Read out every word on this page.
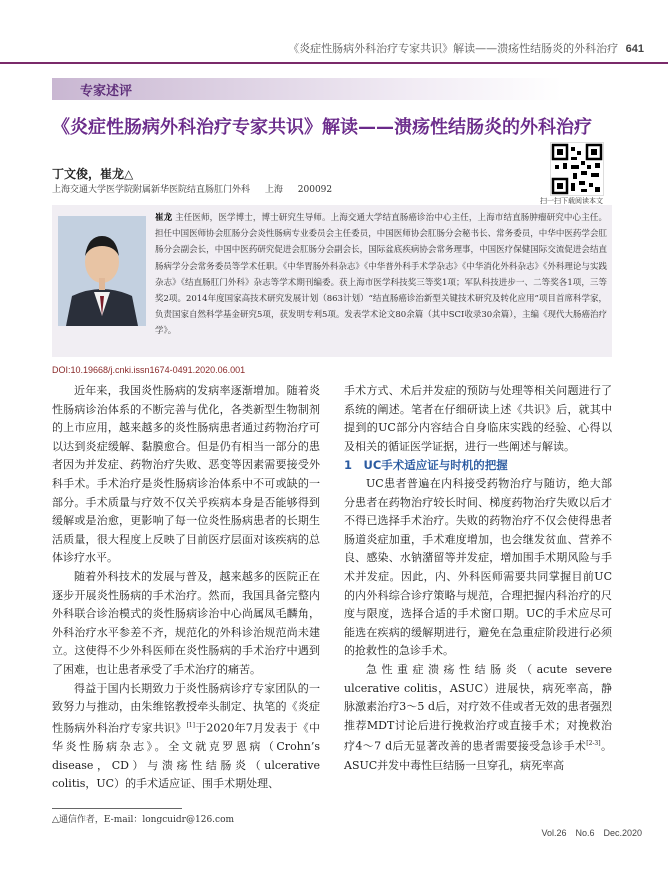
《炎症性肠病外科治疗专家共识》解读——溃疡性结肠炎的外科治疗 641
专家述评
《炎症性肠病外科治疗专家共识》解读——溃疡性结肠炎的外科治疗
丁文俊，崔龙△
上海交通大学医学院附属新华医院结直肠肛门外科 上海 200092
扫一扫下载阅读本文
崔龙 主任医师，医学博士，博士研究生导师。上海交通大学结直肠癌诊治中心主任，上海市结直肠肿瘤研究中心主任。担任中国医师协会肛肠分会炎性肠病专业委员会主任委员，中国医师协会肛肠分会秘书长、常务委员，中华中医药学会肛肠分会副会长，中国中医药研究促进会肛肠分会副会长，国际盆底疾病协会常务理事，中国医疗保健国际交流促进会结直肠病学分会常务委员等学术任职。《中华胃肠外科杂志》《中华普外科手术学杂志》《中华消化外科杂志》《外科理论与实践杂志》《结直肠肛门外科》杂志等学术期刊编委。获上海市医学科技奖三等奖1项；军队科技进步一、二等奖各1项，三等奖2项。2014年度国家高技术研究发展计划（863计划）“结直肠癌诊治新型关键技术研究及转化应用”项目首席科学家，负责国家自然科学基金研究5项，获发明专利5项。发表学术论文80余篇（其中SCI收录30余篇），主编《现代大肠癌治疗学》。
DOI:10.19668/j.cnki.issn1674-0491.2020.06.001

近年来，我国炎性肠病的发病率逐渐增加。随着炎性肠病诊治体系的不断完善与优化，各类新型生物制剂的上市应用，越来越多的炎性肠病患者通过药物治疗可以达到炎症缓解、黏膜愈合。但是仍有相当一部分的患者因为并发症、药物治疗失败、恶变等因素需要接受外科手术。手术治疗是炎性肠病诊治体系中不可或缺的一部分。手术质量与疗效不仅关乎疾病本身是否能够得到缓解或是治愈，更影响了每一位炎性肠病患者的长期生活质量，很大程度上反映了目前医疗层面对该疾病的总体诊疗水平。

随着外科技术的发展与普及，越来越多的医院正在逐步开展炎性肠病的手术治疗。然而，我国具备完整内外科联合诊治模式的炎性肠病诊治中心尚属凤毛麟角，外科治疗水平参差不齐，规范化的外科诊治规范尚未建立。这使得不少外科医师在炎性肠病的手术治疗中遇到了困难，也让患者承受了手术治疗的痛苦。

得益于国内长期致力于炎性肠病诊疗专家团队的一致努力与推动，由朱维铭教授牵头制定、执笔的《炎症性肠病外科治疗专家共识》[1]于2020年7月发表于《中华炎性肠病杂志》。全文就克罗恩病（Crohn’s disease，CD）与溃疡性结肠炎（ulcerative colitis，UC）的手术适应证、围手术期处理、

手术方式、术后并发症的预防与处理等相关问题进行了系统的阐述。笔者在仔细研读上述《共识》后，就其中提到的UC部分内容结合自身临床实践的经验、心得以及相关的循证医学证据，进行一些阐述与解读。

1　UC手术适应证与时机的把握

UC患者普遍在内科接受药物治疗与随访，绝大部分患者在药物治疗较长时间、梯度药物治疗失败以后才不得已选择手术治疗。失败的药物治疗不仅会使得患者肠道炎症加重，手术难度增加，也会继发贫血、营养不良、感染、水钠潴留等并发症，增加围手术期风险与手术并发症。因此，内、外科医师需要共同掌握目前UC的内外科综合诊疗策略与规范，合理把握内科治疗的尺度与限度，选择合适的手术窗口期。UC的手术应尽可能选在疾病的缓解期进行，避免在急重症阶段进行必须的抢救性的急诊手术。

急性重症溃疡性结肠炎（acute severe ulcerative colitis，ASUC）进展快，病死率高，静脉激素治疗3～5 d后，对疗效不佳或者无效的患者强烈推荐MDT讨论后进行挽救治疗或直接手术；对挽救治疗4～7 d后无显著改善的患者需要接受急诊手术[2-3]。ASUC并发中毒性巨结肠一旦穿孔，病死率高

△通信作者，E-mail：longcuidr@126.com
Vol.26　No.6　Dec.2020
